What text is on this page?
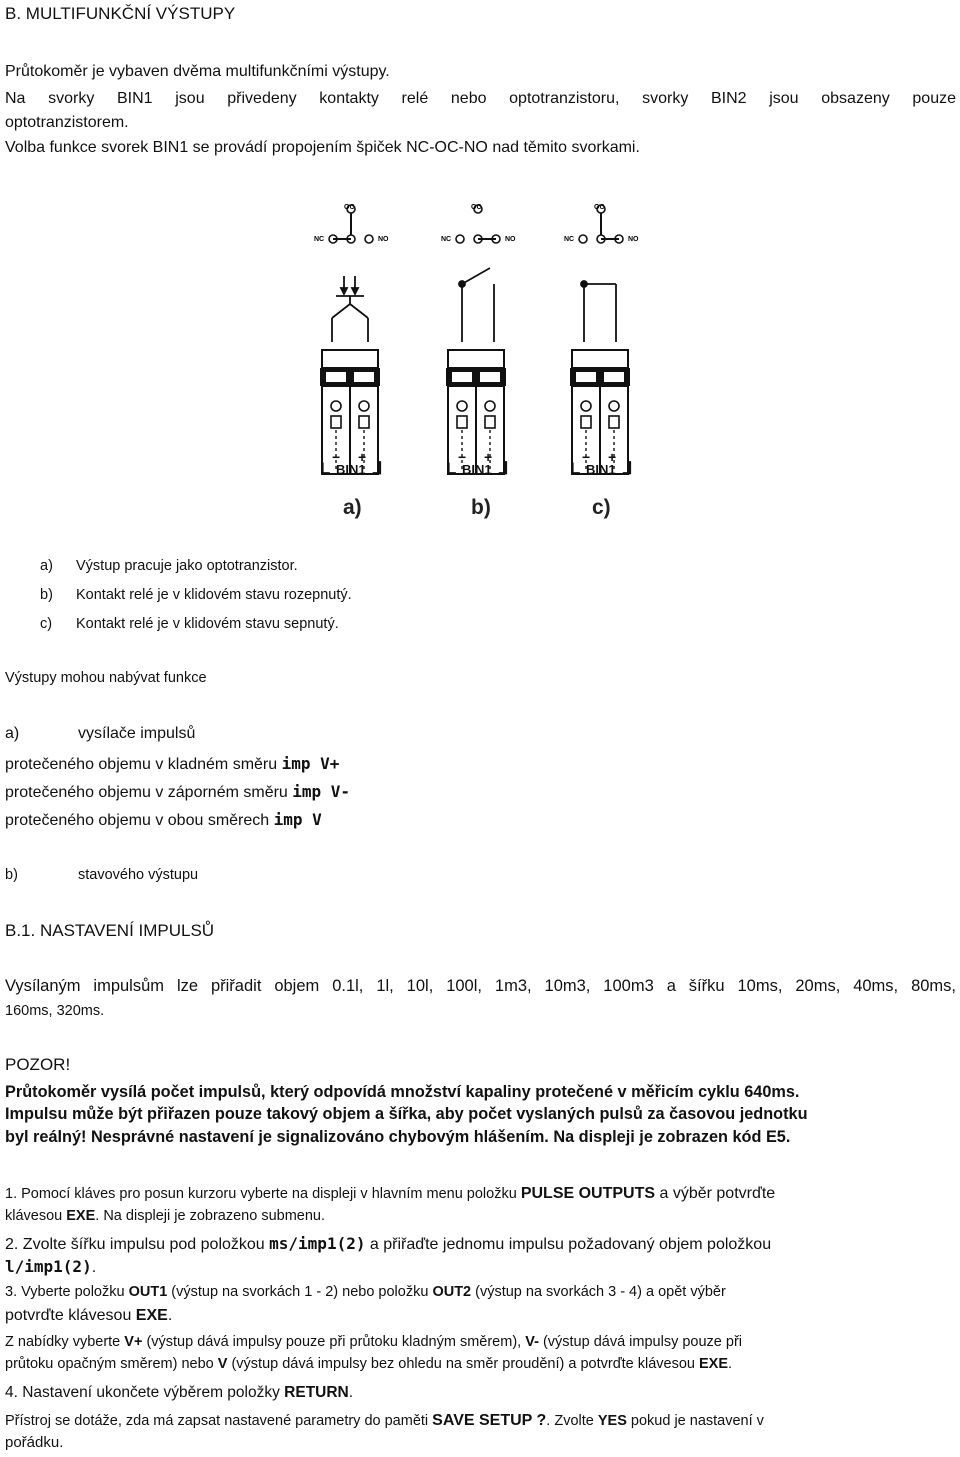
B. MULTIFUNKČNÍ VÝSTUPY
Průtokoměr je vybaven dvěma multifunkčními výstupy.
Na svorky BIN1 jsou přivedeny kontakty relé nebo optotranzistoru, svorky BIN2 jsou obsazeny pouze
optotranzistorem.
Volba funkce svorek BIN1 se provádí propojením špiček NC-OC-NO nad těmito svorkami.
OC
NC	NO
OC
NC	NO
OC
NC	NO
L
− +
BIN1 ⅃	L
− +
BIN1 ⅃	L
− +
BIN1 ⅃
a)	b)	c)
a) Výstup pracuje jako optotranzistor.
b) Kontakt relé je v klidovém stavu rozepnutý.
c) Kontakt relé je v klidovém stavu sepnutý.
Výstupy mohou nabývat funkce
a)	vysílače impulsů
protečeného objemu v kladném směru imp V+
protečeného objemu v záporném směru imp V-
protečeného objemu v obou směrech imp V
b)	stavového výstupu
B.1. NASTAVENÍ IMPULSŮ
Vysílaným impulsům lze přiřadit objem 0.1l, 1l, 10l, 100l, 1m3, 10m3, 100m3 a šířku 10ms, 20ms, 40ms, 80ms,
160ms, 320ms.
POZOR!
Průtokoměr vysílá počet impulsů, který odpovídá množství kapaliny protečené v měřicím cyklu 640ms.
Impulsu může být přiřazen pouze takový objem a šířka, aby počet vyslaných pulsů za časovou jednotku
byl reálný! Nesprávné nastavení je signalizováno chybovým hlášením. Na displeji je zobrazen kód E5.
1. Pomocí kláves pro posun kurzoru vyberte na displeji v hlavním menu položku PULSE OUTPUTS a výběr potvrďte
klávesou EXE. Na displeji je zobrazeno submenu.
2. Zvolte šířku impulsu pod položkou ms/imp1(2) a přiřaďte jednomu impulsu požadovaný objem položkou
l/imp1(2).
3. Vyberte položku OUT1 (výstup na svorkách 1 - 2) nebo položku OUT2 (výstup na svorkách 3 - 4) a opět výběr
potvrďte klávesou EXE.
Z nabídky vyberte V+ (výstup dává impulsy pouze při průtoku kladným směrem), V- (výstup dává impulsy pouze při
průtoku opačným směrem) nebo V (výstup dává impulsy bez ohledu na směr proudění) a potvrďte klávesou EXE.
4. Nastavení ukončete výběrem položky RETURN.
Přístroj se dotáže, zda má zapsat nastavené parametry do paměti SAVE SETUP ?. Zvolte YES pokud je nastavení v
pořádku.
